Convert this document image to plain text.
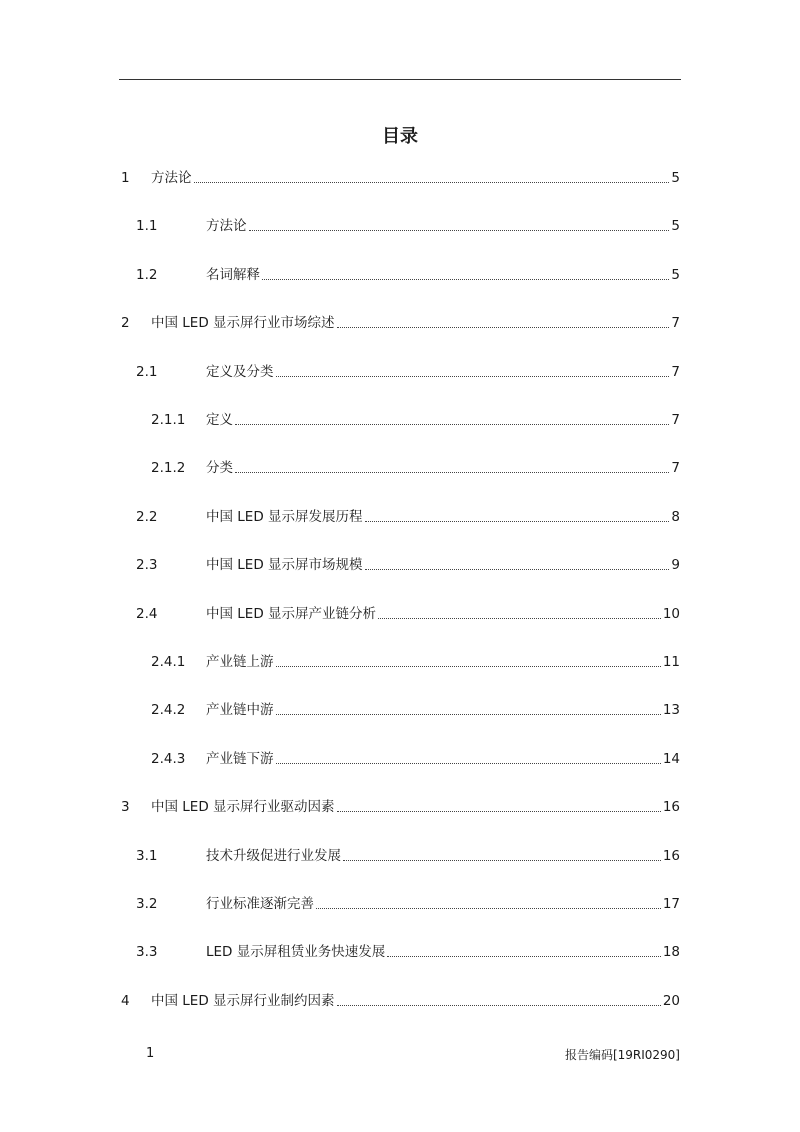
目录
1 方法论	5
1.1	方法论	5
1.2	名词解释	5
2 中国 LED 显示屏行业市场综述	7
2.1	定义及分类	7
2.1.1 定义	7
2.1.2 分类	7
2.2	中国 LED 显示屏发展历程	8
2.3	中国 LED 显示屏市场规模	9
2.4	中国 LED 显示屏产业链分析	10
2.4.1 产业链上游	11
2.4.2 产业链中游	13
2.4.3 产业链下游	14
3 中国 LED 显示屏行业驱动因素	16
3.1	技术升级促进行业发展	16
3.2	行业标准逐渐完善	17
3.3	LED 显示屏租赁业务快速发展	18
4 中国 LED 显示屏行业制约因素	20
1	报告编码[19RI0290]
